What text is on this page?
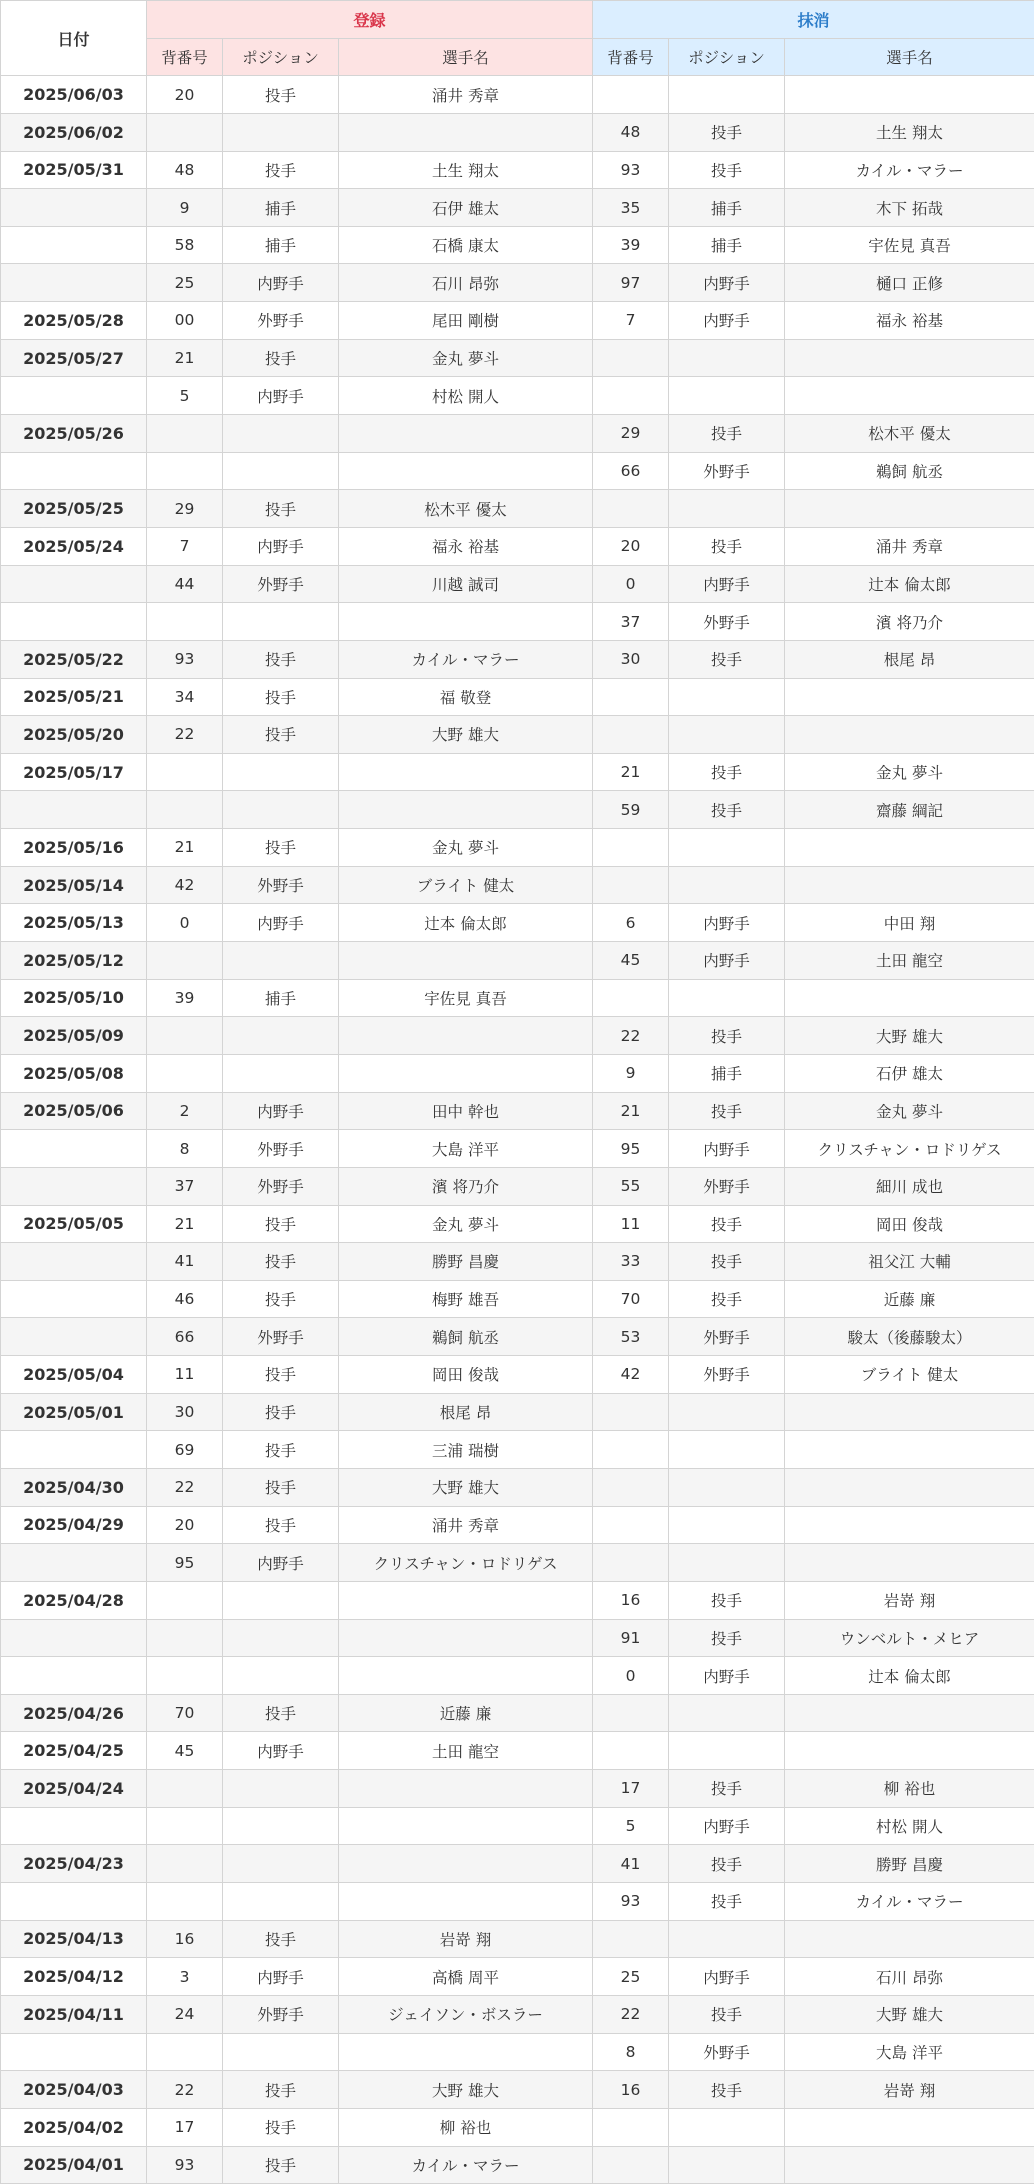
日付	登録			抹消		
	背番号	ポジション	選手名	背番号	ポジション	選手名
2025/06/03	20	投手	涌井 秀章			
2025/06/02				48	投手	土生 翔太
2025/05/31	48	投手	土生 翔太	93	投手	カイル・マラー
	9	捕手	石伊 雄太	35	捕手	木下 拓哉
	58	捕手	石橋 康太	39	捕手	宇佐見 真吾
	25	内野手	石川 昂弥	97	内野手	樋口 正修
2025/05/28	00	外野手	尾田 剛樹	7	内野手	福永 裕基
2025/05/27	21	投手	金丸 夢斗			
	5	内野手	村松 開人			
2025/05/26				29	投手	松木平 優太
				66	外野手	鵜飼 航丞
2025/05/25	29	投手	松木平 優太			
2025/05/24	7	内野手	福永 裕基	20	投手	涌井 秀章
	44	外野手	川越 誠司	0	内野手	辻本 倫太郎
				37	外野手	濱 将乃介
2025/05/22	93	投手	カイル・マラー	30	投手	根尾 昂
2025/05/21	34	投手	福 敬登			
2025/05/20	22	投手	大野 雄大			
2025/05/17				21	投手	金丸 夢斗
				59	投手	齋藤 綱記
2025/05/16	21	投手	金丸 夢斗			
2025/05/14	42	外野手	ブライト 健太			
2025/05/13	0	内野手	辻本 倫太郎	6	内野手	中田 翔
2025/05/12				45	内野手	土田 龍空
2025/05/10	39	捕手	宇佐見 真吾			
2025/05/09				22	投手	大野 雄大
2025/05/08				9	捕手	石伊 雄太
2025/05/06	2	内野手	田中 幹也	21	投手	金丸 夢斗
	8	外野手	大島 洋平	95	内野手	クリスチャン・ロドリゲス
	37	外野手	濱 将乃介	55	外野手	細川 成也
2025/05/05	21	投手	金丸 夢斗	11	投手	岡田 俊哉
	41	投手	勝野 昌慶	33	投手	祖父江 大輔
	46	投手	梅野 雄吾	70	投手	近藤 廉
	66	外野手	鵜飼 航丞	53	外野手	駿太（後藤駿太）
2025/05/04	11	投手	岡田 俊哉	42	外野手	ブライト 健太
2025/05/01	30	投手	根尾 昂			
	69	投手	三浦 瑞樹			
2025/04/30	22	投手	大野 雄大			
2025/04/29	20	投手	涌井 秀章			
	95	内野手	クリスチャン・ロドリゲス			
2025/04/28				16	投手	岩嵜 翔
				91	投手	ウンベルト・メヒア
				0	内野手	辻本 倫太郎
2025/04/26	70	投手	近藤 廉			
2025/04/25	45	内野手	土田 龍空			
2025/04/24				17	投手	柳 裕也
				5	内野手	村松 開人
2025/04/23				41	投手	勝野 昌慶
				93	投手	カイル・マラー
2025/04/13	16	投手	岩嵜 翔			
2025/04/12	3	内野手	高橋 周平	25	内野手	石川 昂弥
2025/04/11	24	外野手	ジェイソン・ボスラー	22	投手	大野 雄大
				8	外野手	大島 洋平
2025/04/03	22	投手	大野 雄大	16	投手	岩嵜 翔
2025/04/02	17	投手	柳 裕也			
2025/04/01	93	投手	カイル・マラー			
